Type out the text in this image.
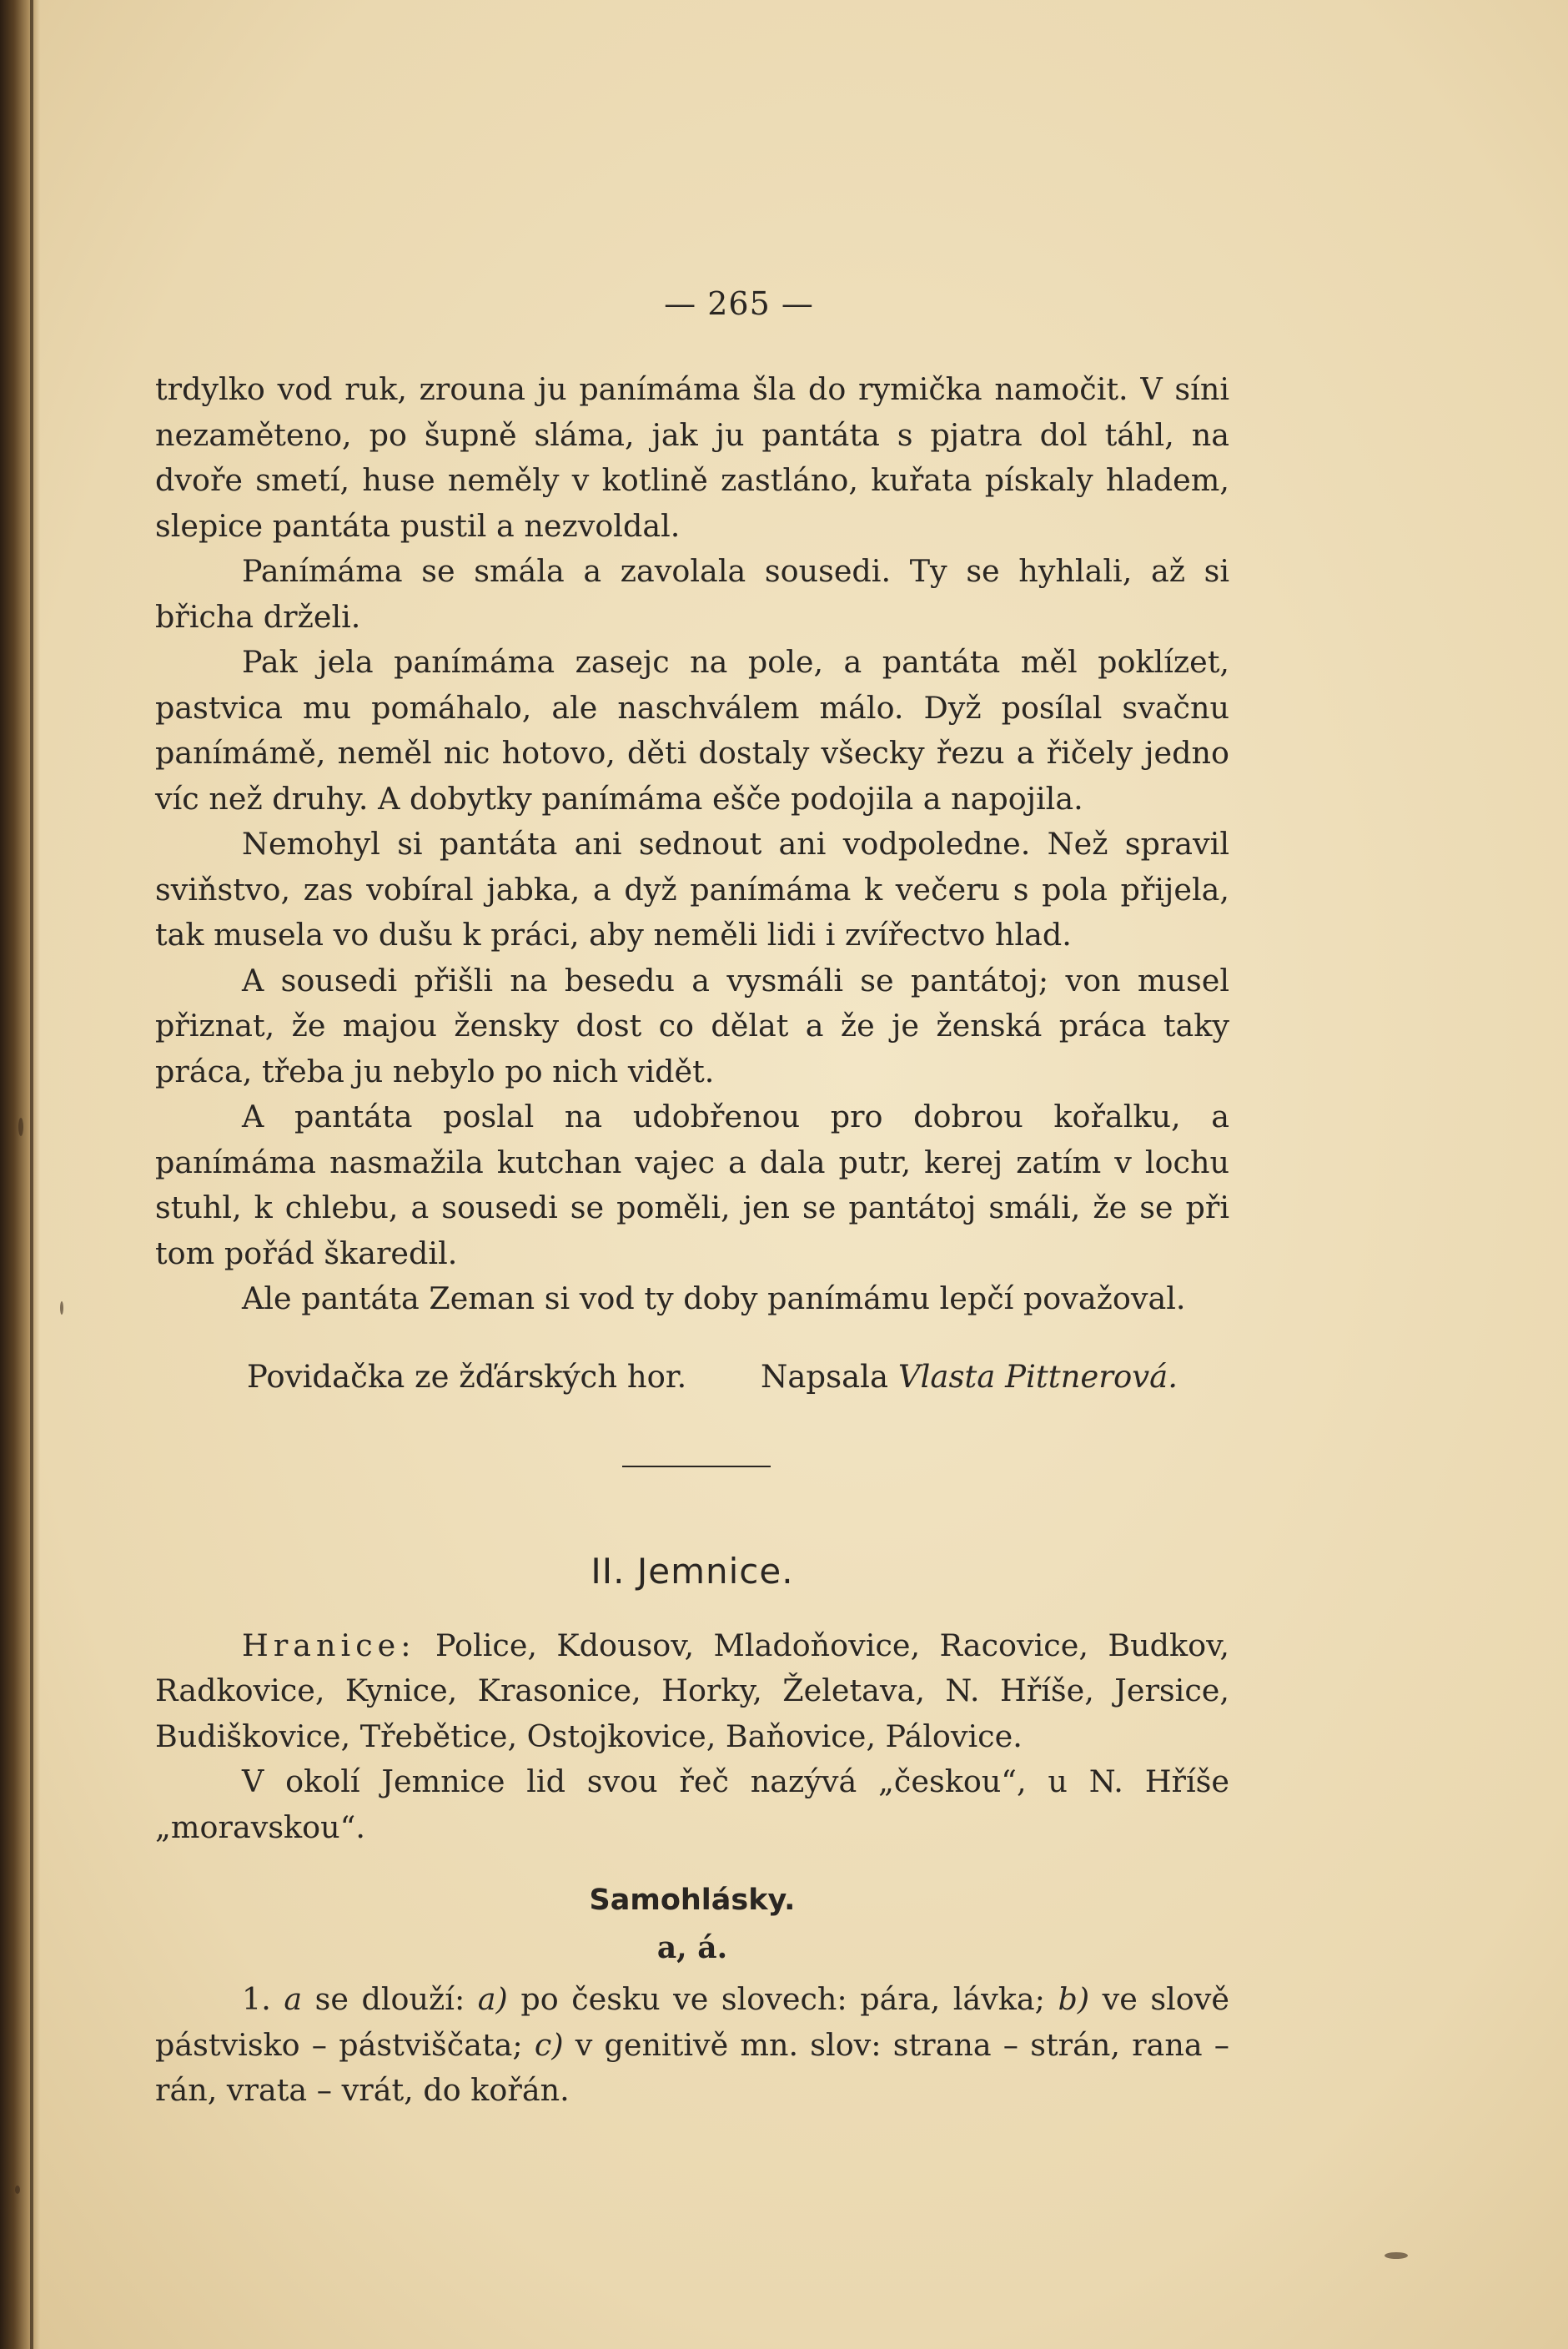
— 265 —

trdylko vod ruk, zrouna ju panímáma šla do rymička namočit. V síni nezaměteno, po šupně sláma, jak ju pantáta s pjatra dol táhl, na dvoře smetí, huse neměly v kotlině zastláno, kuřata pískaly hladem, slepice pantáta pustil a nezvoldal.

Panímáma se smála a zavolala sousedi. Ty se hyhlali, až si břicha drželi.

Pak jela panímáma zasejc na pole, a pantáta měl poklízet, pastvica mu pomáhalo, ale naschválem málo. Dyž posílal svačnu panímámě, neměl nic hotovo, děti dostaly všecky řezu a řičely jedno víc než druhy. A dobytky panímáma ešče podojila a napojila.

Nemohyl si pantáta ani sednout ani vodpoledne. Než spravil sviňstvo, zas vobíral jabka, a dyž panímáma k večeru s pola přijela, tak musela vo dušu k práci, aby neměli lidi i zvířectvo hlad.

A sousedi přišli na besedu a vysmáli se pantátoj; von musel přiznat, že majou žensky dost co dělat a že je ženská práca taky práca, třeba ju nebylo po nich vidět.

A pantáta poslal na udobřenou pro dobrou kořalku, a panímáma nasmažila kutchan vajec a dala putr, kerej zatím v lochu stuhl, k chlebu, a sousedi se poměli, jen se pantátoj smáli, že se při tom pořád škaredil.

Ale pantáta Zeman si vod ty doby panímámu lepčí považoval.

Povidačka ze žďárských hor. Napsala Vlasta Pittnerová.
II. Jemnice.

Hranice: Police, Kdousov, Mladoňovice, Racovice, Budkov, Radkovice, Kynice, Krasonice, Horky, Želetava, N. Hříše, Jersice, Budiškovice, Třebětice, Ostojkovice, Baňovice, Pálovice.

V okolí Jemnice lid svou řeč nazývá „českou“, u N. Hříše „moravskou“.

Samohlásky.
a, á.

1. a se dlouží: a) po česku ve slovech: pára, lávka; b) ve slově pástvisko – pástviščata; c) v genitivě mn. slov: strana – strán, rana – rán, vrata – vrát, do kořán.
